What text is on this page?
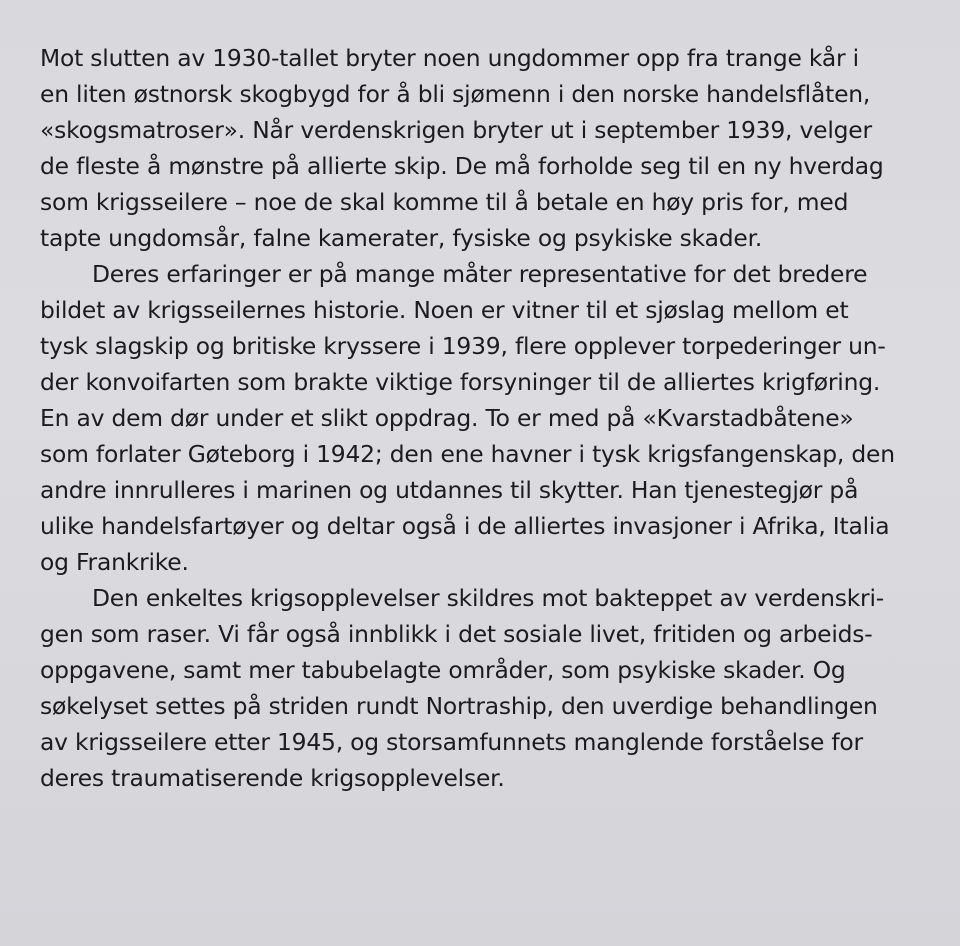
Mot slutten av 1930-tallet bryter noen ungdommer opp fra trange kår i
en liten østnorsk skogbygd for å bli sjømenn i den norske handelsflåten,
«skogsmatroser». Når verdenskrigen bryter ut i september 1939, velger
de fleste å mønstre på allierte skip. De må forholde seg til en ny hverdag
som krigsseilere – noe de skal komme til å betale en høy pris for, med
tapte ungdomsår, falne kamerater, fysiske og psykiske skader.

Deres erfaringer er på mange måter representative for det bredere
bildet av krigsseilernes historie. Noen er vitner til et sjøslag mellom et
tysk slagskip og britiske kryssere i 1939, flere opplever torpederinger un-
der konvoifarten som brakte viktige forsyninger til de alliertes krigføring.
En av dem dør under et slikt oppdrag. To er med på «Kvarstadbåtene»
som forlater Gøteborg i 1942; den ene havner i tysk krigsfangenskap, den
andre innrulleres i marinen og utdannes til skytter. Han tjenestegjør på
ulike handelsfartøyer og deltar også i de alliertes invasjoner i Afrika, Italia
og Frankrike.

Den enkeltes krigsopplevelser skildres mot bakteppet av verdenskri-
gen som raser. Vi får også innblikk i det sosiale livet, fritiden og arbeids-
oppgavene, samt mer tabubelagte områder, som psykiske skader. Og
søkelyset settes på striden rundt Nortraship, den uverdige behandlingen
av krigsseilere etter 1945, og storsamfunnets manglende forståelse for
deres traumatiserende krigsopplevelser.
